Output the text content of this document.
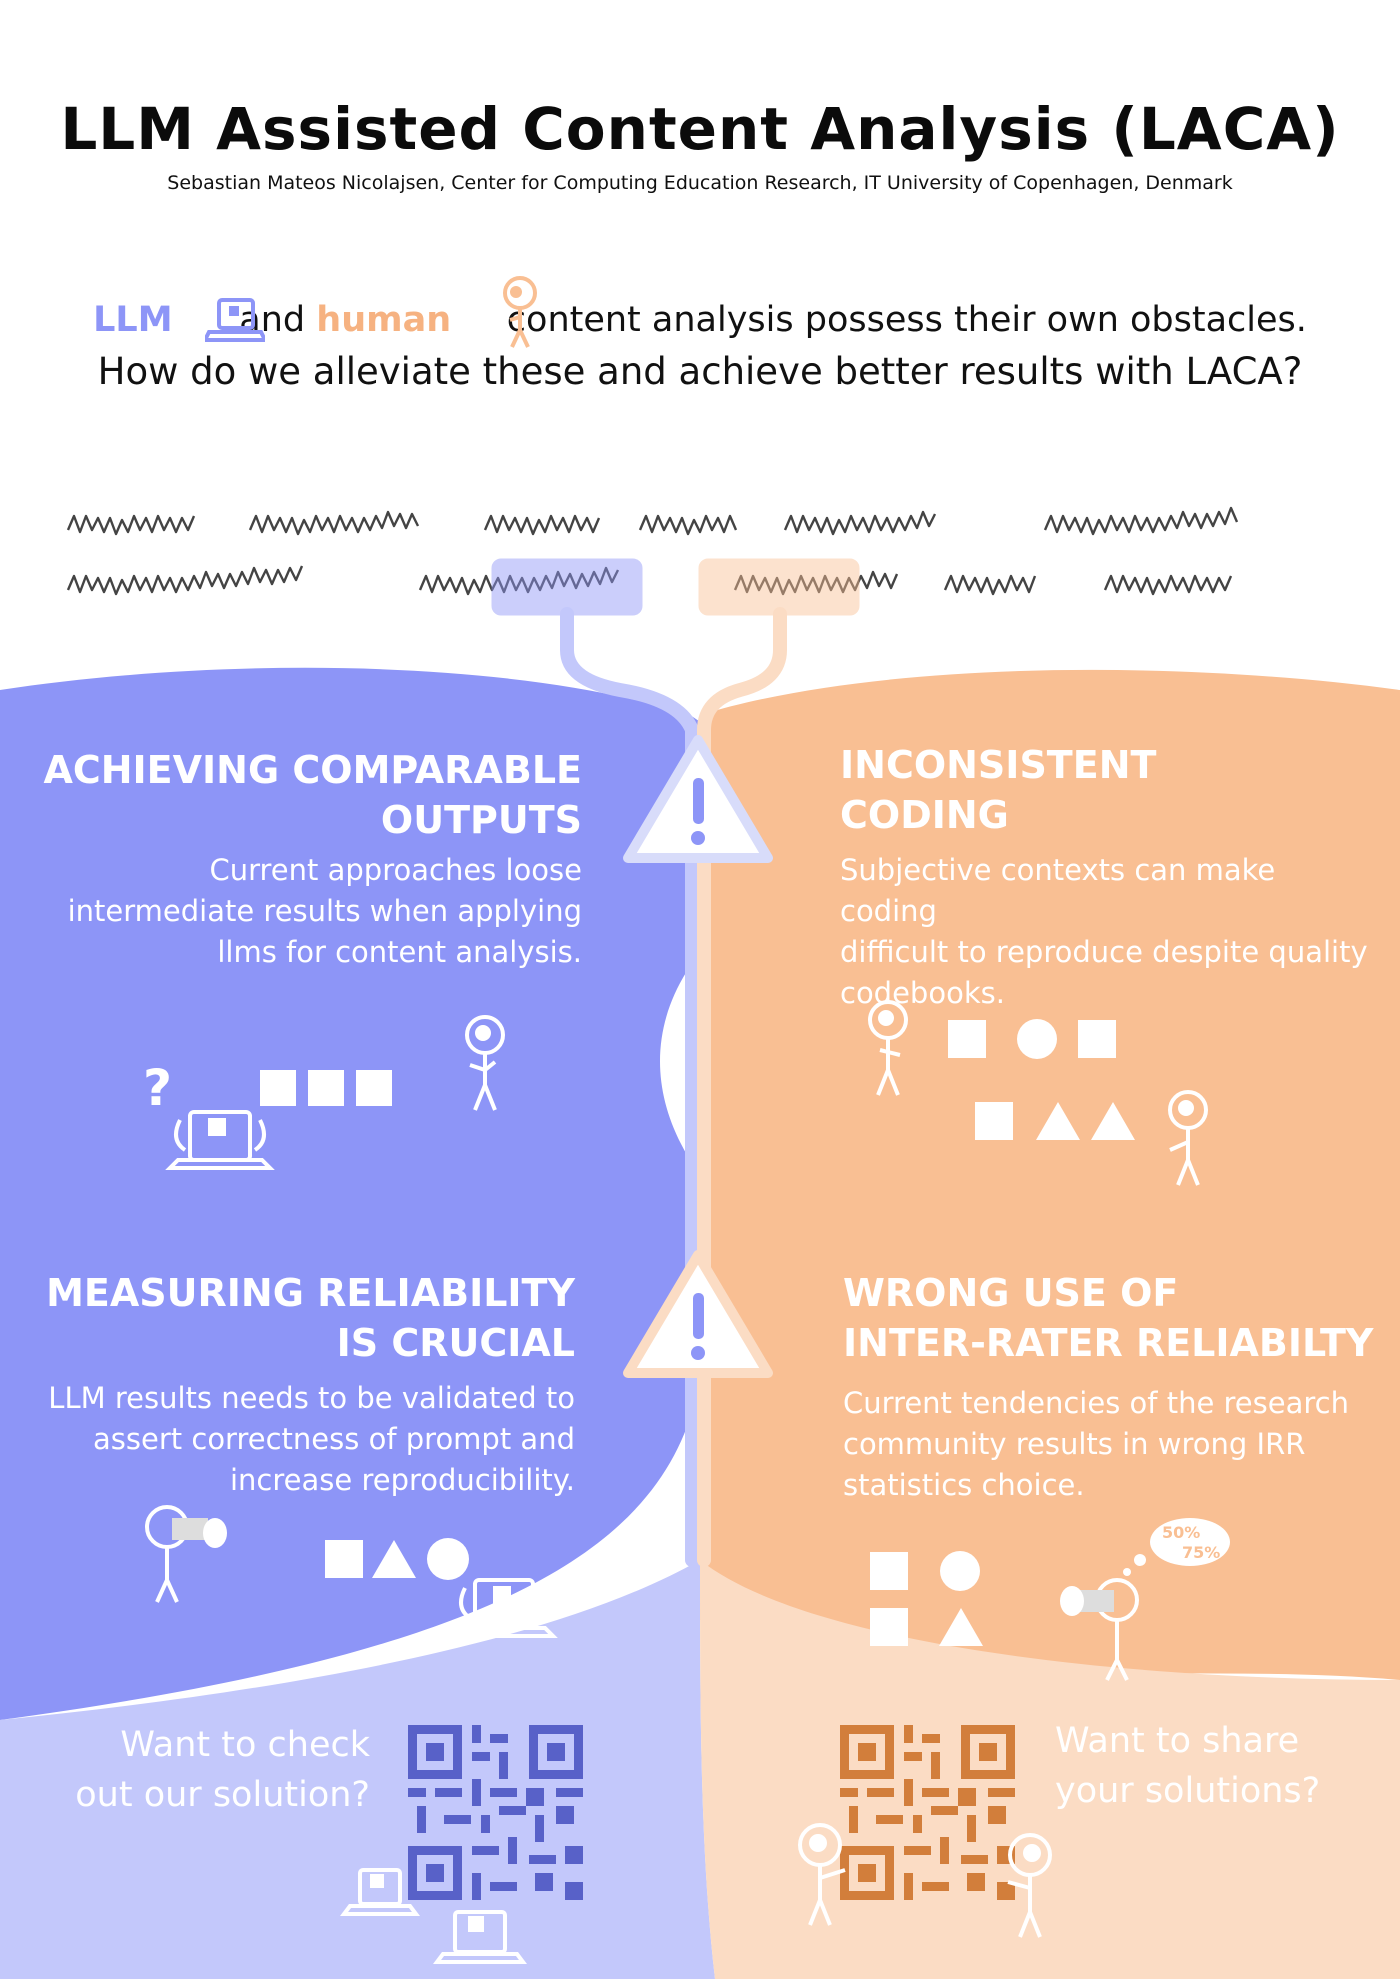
?
50%
75%
LLM Assisted Content Analysis (LACA)
Sebastian Mateos Nicolajsen, Center for Computing Education Research, IT University of Copenhagen, Denmark
LLM and human content analysis possess their own obstacles.
How do we alleviate these and achieve better results with LACA?
ACHIEVING COMPARABLE
OUTPUTS
Current approaches loose
intermediate results when applying
llms for content analysis.
INCONSISTENT
CODING
Subjective contexts can make coding
difficult to reproduce despite quality
codebooks.
MEASURING RELIABILITY
IS CRUCIAL
LLM results needs to be validated to
assert correctness of prompt and
increase reproducibility.
WRONG USE OF
INTER-RATER RELIABILTY
Current tendencies of the research
community results in wrong IRR
statistics choice.
Want to check
out our solution?
Want to share
your solutions?
